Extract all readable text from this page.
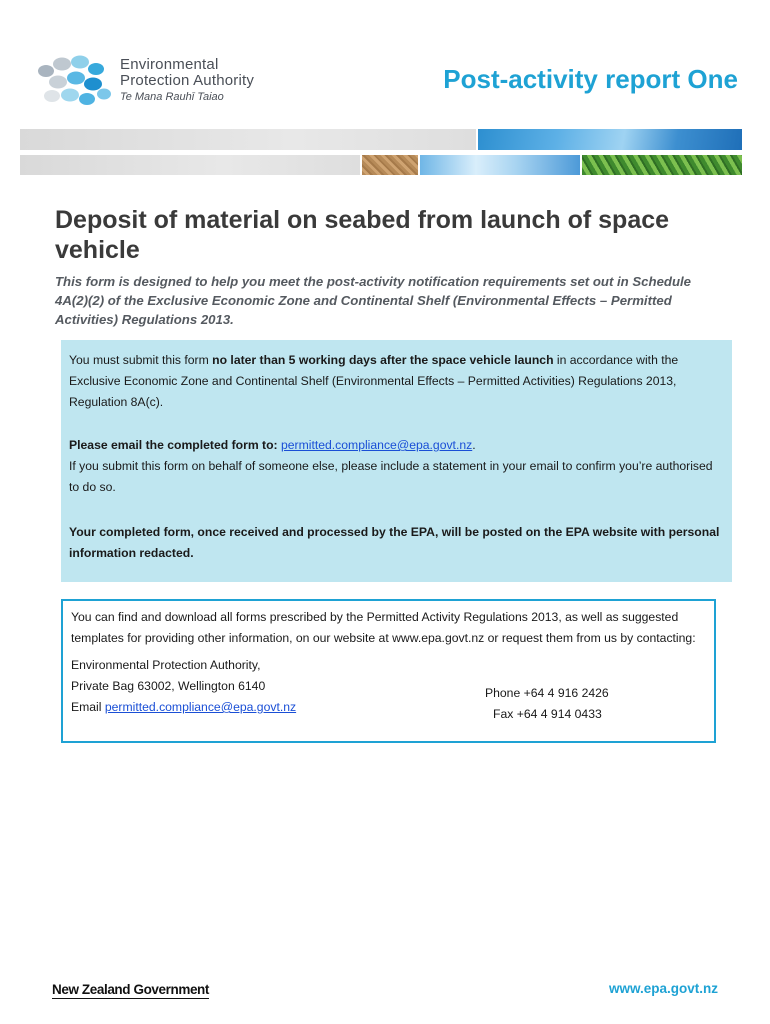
Environmental
Protection Authority
Te Mana Rauhī Taiao
Post-activity report One
Deposit of material on seabed from launch of space vehicle

This form is designed to help you meet the post-activity notification requirements set out in Schedule 4A(2)(2) of the Exclusive Economic Zone and Continental Shelf (Environmental Effects – Permitted Activities) Regulations 2013.

You must submit this form no later than 5 working days after the space vehicle launch in accordance with the Exclusive Economic Zone and Continental Shelf (Environmental Effects – Permitted Activities) Regulations 2013, Regulation 8A(c).

Please email the completed form to: permitted.compliance@epa.govt.nz.

If you submit this form on behalf of someone else, please include a statement in your email to confirm you’re authorised to do so.

Your completed form, once received and processed by the EPA, will be posted on the EPA website with personal information redacted.

You can find and download all forms prescribed by the Permitted Activity Regulations 2013, as well as suggested templates for providing other information, on our website at www.epa.govt.nz or request them from us by contacting:

Environmental Protection Authority,

Private Bag 63002, Wellington 6140

Email permitted.compliance@epa.govt.nz

Phone +64 4 916 2426
Fax +64 4 914 0433
New Zealand Government	www.epa.govt.nz
